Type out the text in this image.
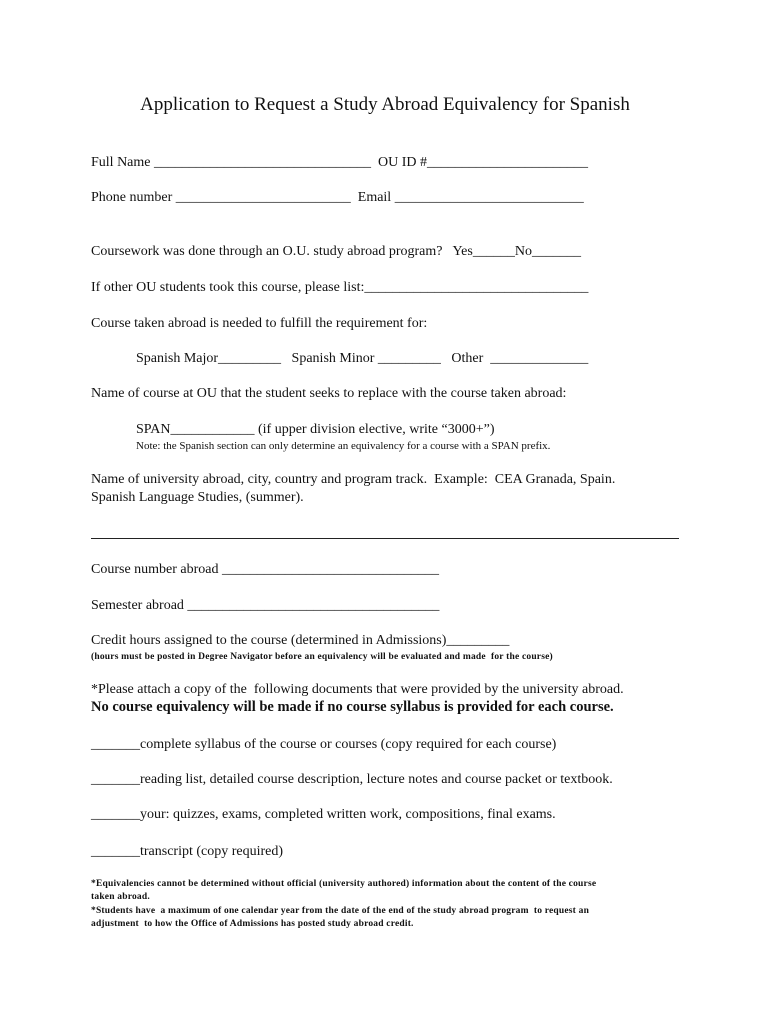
Application to Request a Study Abroad Equivalency for Spanish
Full Name _______________________________  OU ID #_______________________
Phone number _________________________  Email ___________________________
Coursework was done through an O.U. study abroad program?   Yes______No_______
If other OU students took this course, please list:________________________________
Course taken abroad is needed to fulfill the requirement for:
Spanish Major_________   Spanish Minor _________   Other  ______________
Name of course at OU that the student seeks to replace with the course taken abroad:
SPAN____________ (if upper division elective, write “3000+”)
Note: the Spanish section can only determine an equivalency for a course with a SPAN prefix.
Name of university abroad, city, country and program track.  Example:  CEA Granada, Spain.
Spanish Language Studies, (summer).
Course number abroad _______________________________
Semester abroad ____________________________________
Credit hours assigned to the course (determined in Admissions)_________
(hours must be posted in Degree Navigator before an equivalency will be evaluated and made  for the course)
*Please attach a copy of the  following documents that were provided by the university abroad.
No course equivalency will be made if no course syllabus is provided for each course.
_______complete syllabus of the course or courses (copy required for each course)
_______reading list, detailed course description, lecture notes and course packet or textbook.
_______your: quizzes, exams, completed written work, compositions, final exams.
_______transcript (copy required)
*Equivalencies cannot be determined without official (university authored) information about the content of the course
taken abroad.
*Students have  a maximum of one calendar year from the date of the end of the study abroad program  to request an
adjustment  to how the Office of Admissions has posted study abroad credit.
